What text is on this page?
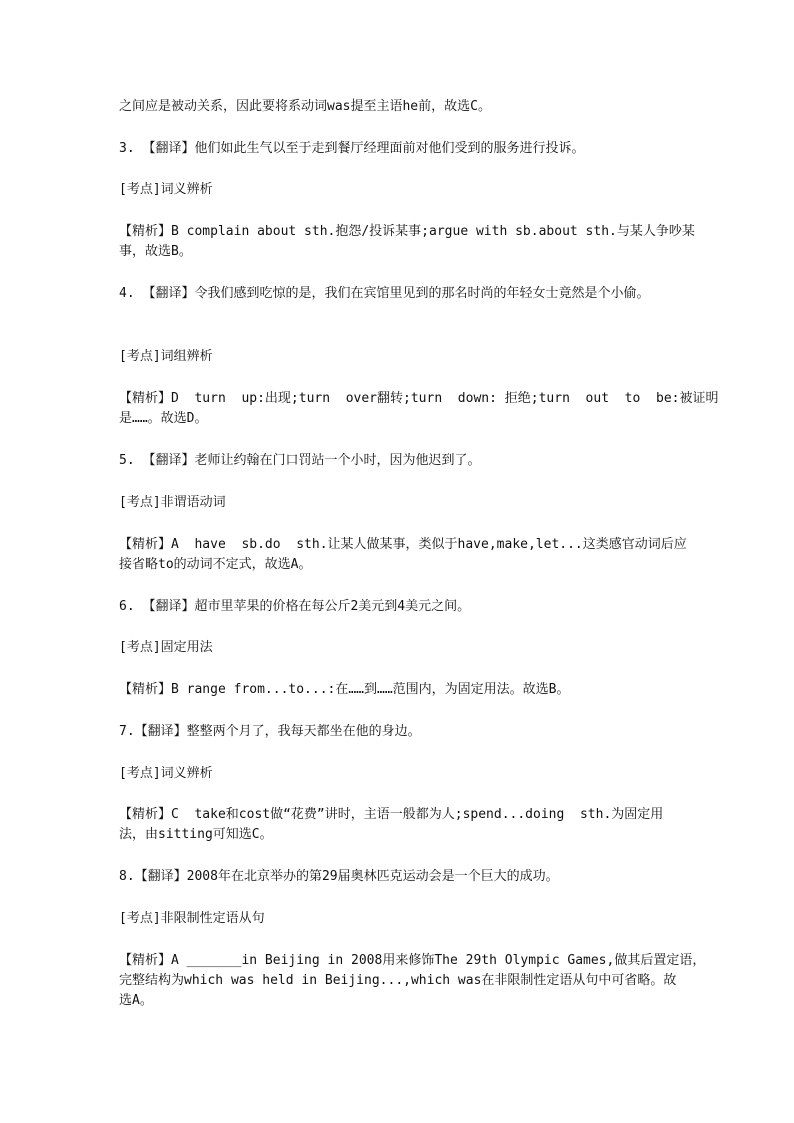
之间应是被动关系，因此要将系动词was提至主语he前，故选C。
3. 【翻译】他们如此生气以至于走到餐厅经理面前对他们受到的服务进行投诉。
[考点]词义辨析
【精析】B complain about sth.抱怨/投诉某事;argue with sb.about sth.与某人争吵某
事，故选B。
4. 【翻译】令我们感到吃惊的是，我们在宾馆里见到的那名时尚的年轻女士竟然是个小偷。
[考点]词组辨析
【精析】D  turn  up:出现;turn  over翻转;turn  down: 拒绝;turn  out  to  be:被证明
是……。故选D。
5. 【翻译】老师让约翰在门口罚站一个小时，因为他迟到了。
[考点]非谓语动词
【精析】A  have  sb.do  sth.让某人做某事，类似于have,make,let...这类感官动词后应
接省略to的动词不定式，故选A。
6. 【翻译】超市里苹果的价格在每公斤2美元到4美元之间。
[考点]固定用法
【精析】B range from...to...:在……到……范围内，为固定用法。故选B。
7.【翻译】整整两个月了，我每天都坐在他的身边。
[考点]词义辨析
【精析】C  take和cost做“花费”讲时，主语一般都为人;spend...doing  sth.为固定用
法，由sitting可知选C。
8.【翻译】2008年在北京举办的第29届奥林匹克运动会是一个巨大的成功。
[考点]非限制性定语从句
【精析】A _______in Beijing in 2008用来修饰The 29th Olympic Games,做其后置定语，
完整结构为which was held in Beijing...,which was在非限制性定语从句中可省略。故
选A。
